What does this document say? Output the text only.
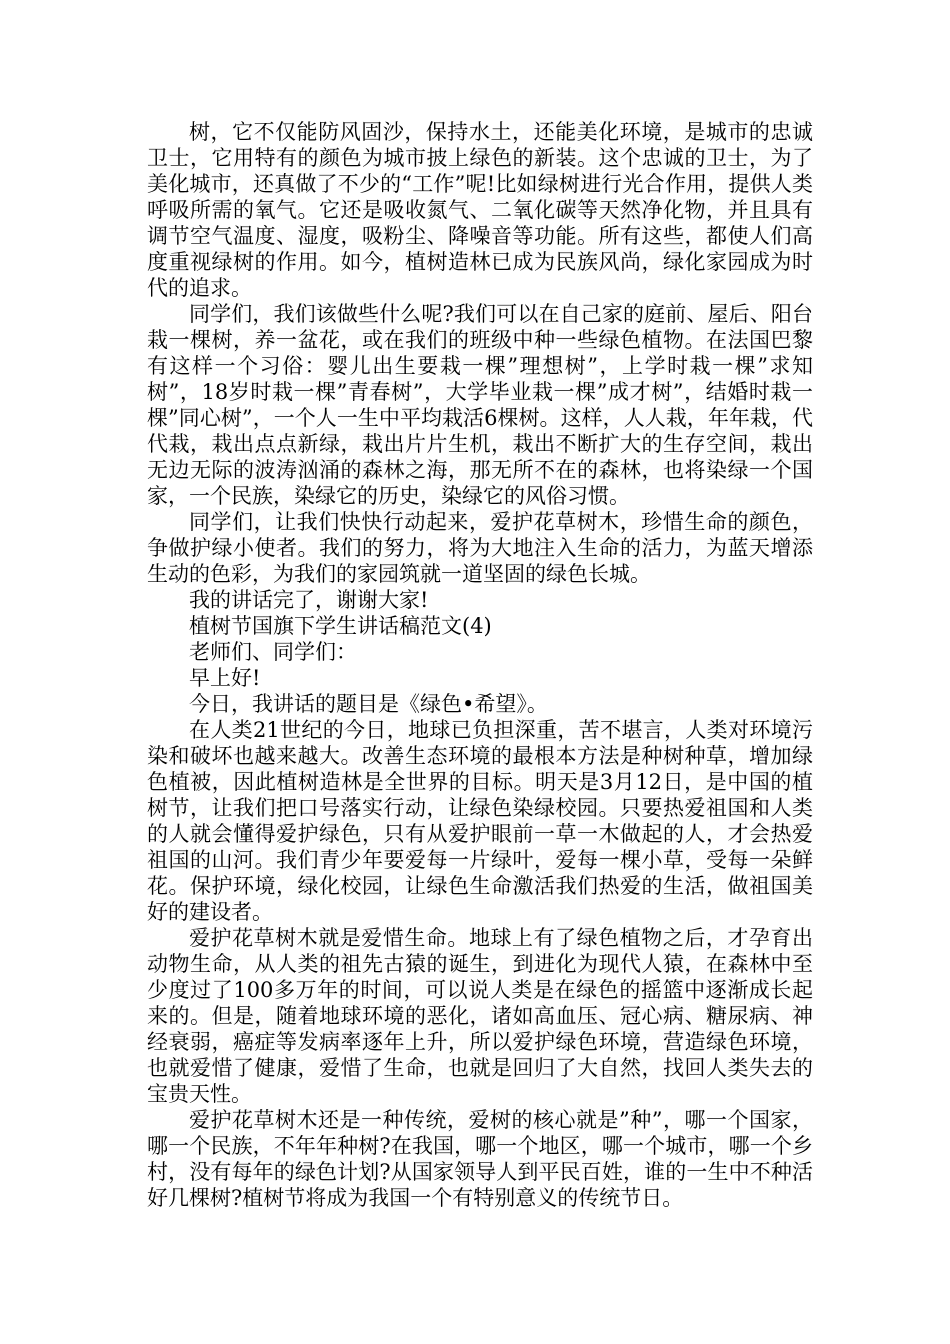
树，它不仅能防风固沙，保持水土，还能美化环境，是城市的忠诚卫士，它用特有的颜色为城市披上绿色的新装。这个忠诚的卫士，为了美化城市，还真做了不少的“工作”呢!比如绿树进行光合作用，提供人类呼吸所需的氧气。它还是吸收氮气、二氧化碳等天然净化物，并且具有调节空气温度、湿度，吸粉尘、降噪音等功能。所有这些，都使人们高度重视绿树的作用。如今，植树造林已成为民族风尚，绿化家园成为时代的追求。

同学们，我们该做些什么呢?我们可以在自己家的庭前、屋后、阳台栽一棵树，养一盆花，或在我们的班级中种一些绿色植物。在法国巴黎有这样一个习俗：婴儿出生要栽一棵”理想树”，上学时栽一棵”求知树”，18岁时栽一棵”青春树”，大学毕业栽一棵”成才树”，结婚时栽一棵”同心树”，一个人一生中平均栽活6棵树。这样，人人栽，年年栽，代代栽，栽出点点新绿，栽出片片生机，栽出不断扩大的生存空间，栽出无边无际的波涛汹涌的森林之海，那无所不在的森林，也将染绿一个国家，一个民族，染绿它的历史，染绿它的风俗习惯。

同学们，让我们快快行动起来，爱护花草树木，珍惜生命的颜色，争做护绿小使者。我们的努力，将为大地注入生命的活力，为蓝天增添生动的色彩，为我们的家园筑就一道坚固的绿色长城。

我的讲话完了，谢谢大家!

植树节国旗下学生讲话稿范文(4)

老师们、同学们：

早上好!

今日，我讲话的题目是《绿色•希望》。

在人类21世纪的今日，地球已负担深重，苦不堪言，人类对环境污染和破坏也越来越大。改善生态环境的最根本方法是种树种草，增加绿色植被，因此植树造林是全世界的目标。明天是3月12日，是中国的植树节，让我们把口号落实行动，让绿色染绿校园。只要热爱祖国和人类的人就会懂得爱护绿色，只有从爱护眼前一草一木做起的人，才会热爱祖国的山河。我们青少年要爱每一片绿叶，爱每一棵小草，受每一朵鲜花。保护环境，绿化校园，让绿色生命激活我们热爱的生活，做祖国美好的建设者。

爱护花草树木就是爱惜生命。地球上有了绿色植物之后，才孕育出动物生命，从人类的祖先古猿的诞生，到进化为现代人猿，在森林中至少度过了100多万年的时间，可以说人类是在绿色的摇篮中逐渐成长起来的。但是，随着地球环境的恶化，诸如高血压、冠心病、糖尿病、神经衰弱，癌症等发病率逐年上升，所以爱护绿色环境，营造绿色环境，也就爱惜了健康，爱惜了生命，也就是回归了大自然，找回人类失去的宝贵天性。

爱护花草树木还是一种传统，爱树的核心就是”种”，哪一个国家，哪一个民族，不年年种树?在我国，哪一个地区，哪一个城市，哪一个乡村，没有每年的绿色计划?从国家领导人到平民百姓，谁的一生中不种活好几棵树?植树节将成为我国一个有特别意义的传统节日。
